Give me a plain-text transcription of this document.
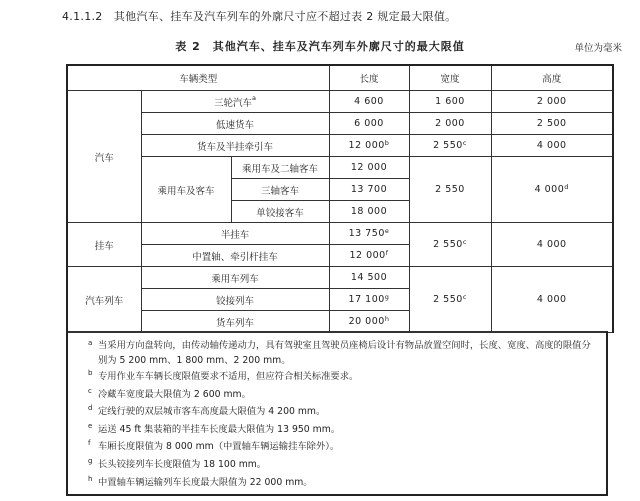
4.1.1.2　其他汽车、挂车及汽车列车的外廓尺寸应不超过表 2 规定最大限值。
表 2　其他汽车、挂车及汽车列车外廓尺寸的最大限值	单位为毫米
车辆类型			长度	宽度	高度
汽车	三轮汽车$^a$		4 600	1 600	2 000
	低速货车		6 000	2 000	2 500
	货车及半挂牵引车		12 000$^b$	2 550$^c$	4 000
	乘用车及客车	乘用车及二轴客车	12 000	2 550	4 000$^d$
		三轴客车	13 700		
		单铰接客车	18 000		
挂车	半挂车		13 750e	2 550$^c$	4 000
	中置轴、牵引杆挂车		12 000$^f$
汽车列车	乘用车列车		14 500	2 550$^c$	4 000
	铰接列车		17 100$^g$
	货车列车		20 000$^h$
a 当采用方向盘转向，由传动轴传递动力，具有驾驶室且驾驶员座椅后设计有物品放置空间时，长度、宽度、高度的限值分别为 5 200 mm、1 800 mm、2 200 mm。
b 专用作业车车辆长度限值要求不适用，但应符合相关标准要求。
c 冷藏车宽度最大限值为 2 600 mm。
d 定线行驶的双层城市客车高度最大限值为 4 200 mm。
e 运送 45 ft 集装箱的半挂车长度最大限值为 13 950 mm。
f 车厢长度限值为 8 000 mm（中置轴车辆运输挂车除外）。
g 长头铰接列车长度限值为 18 100 mm。
h 中置轴车辆运输列车长度最大限值为 22 000 mm。
